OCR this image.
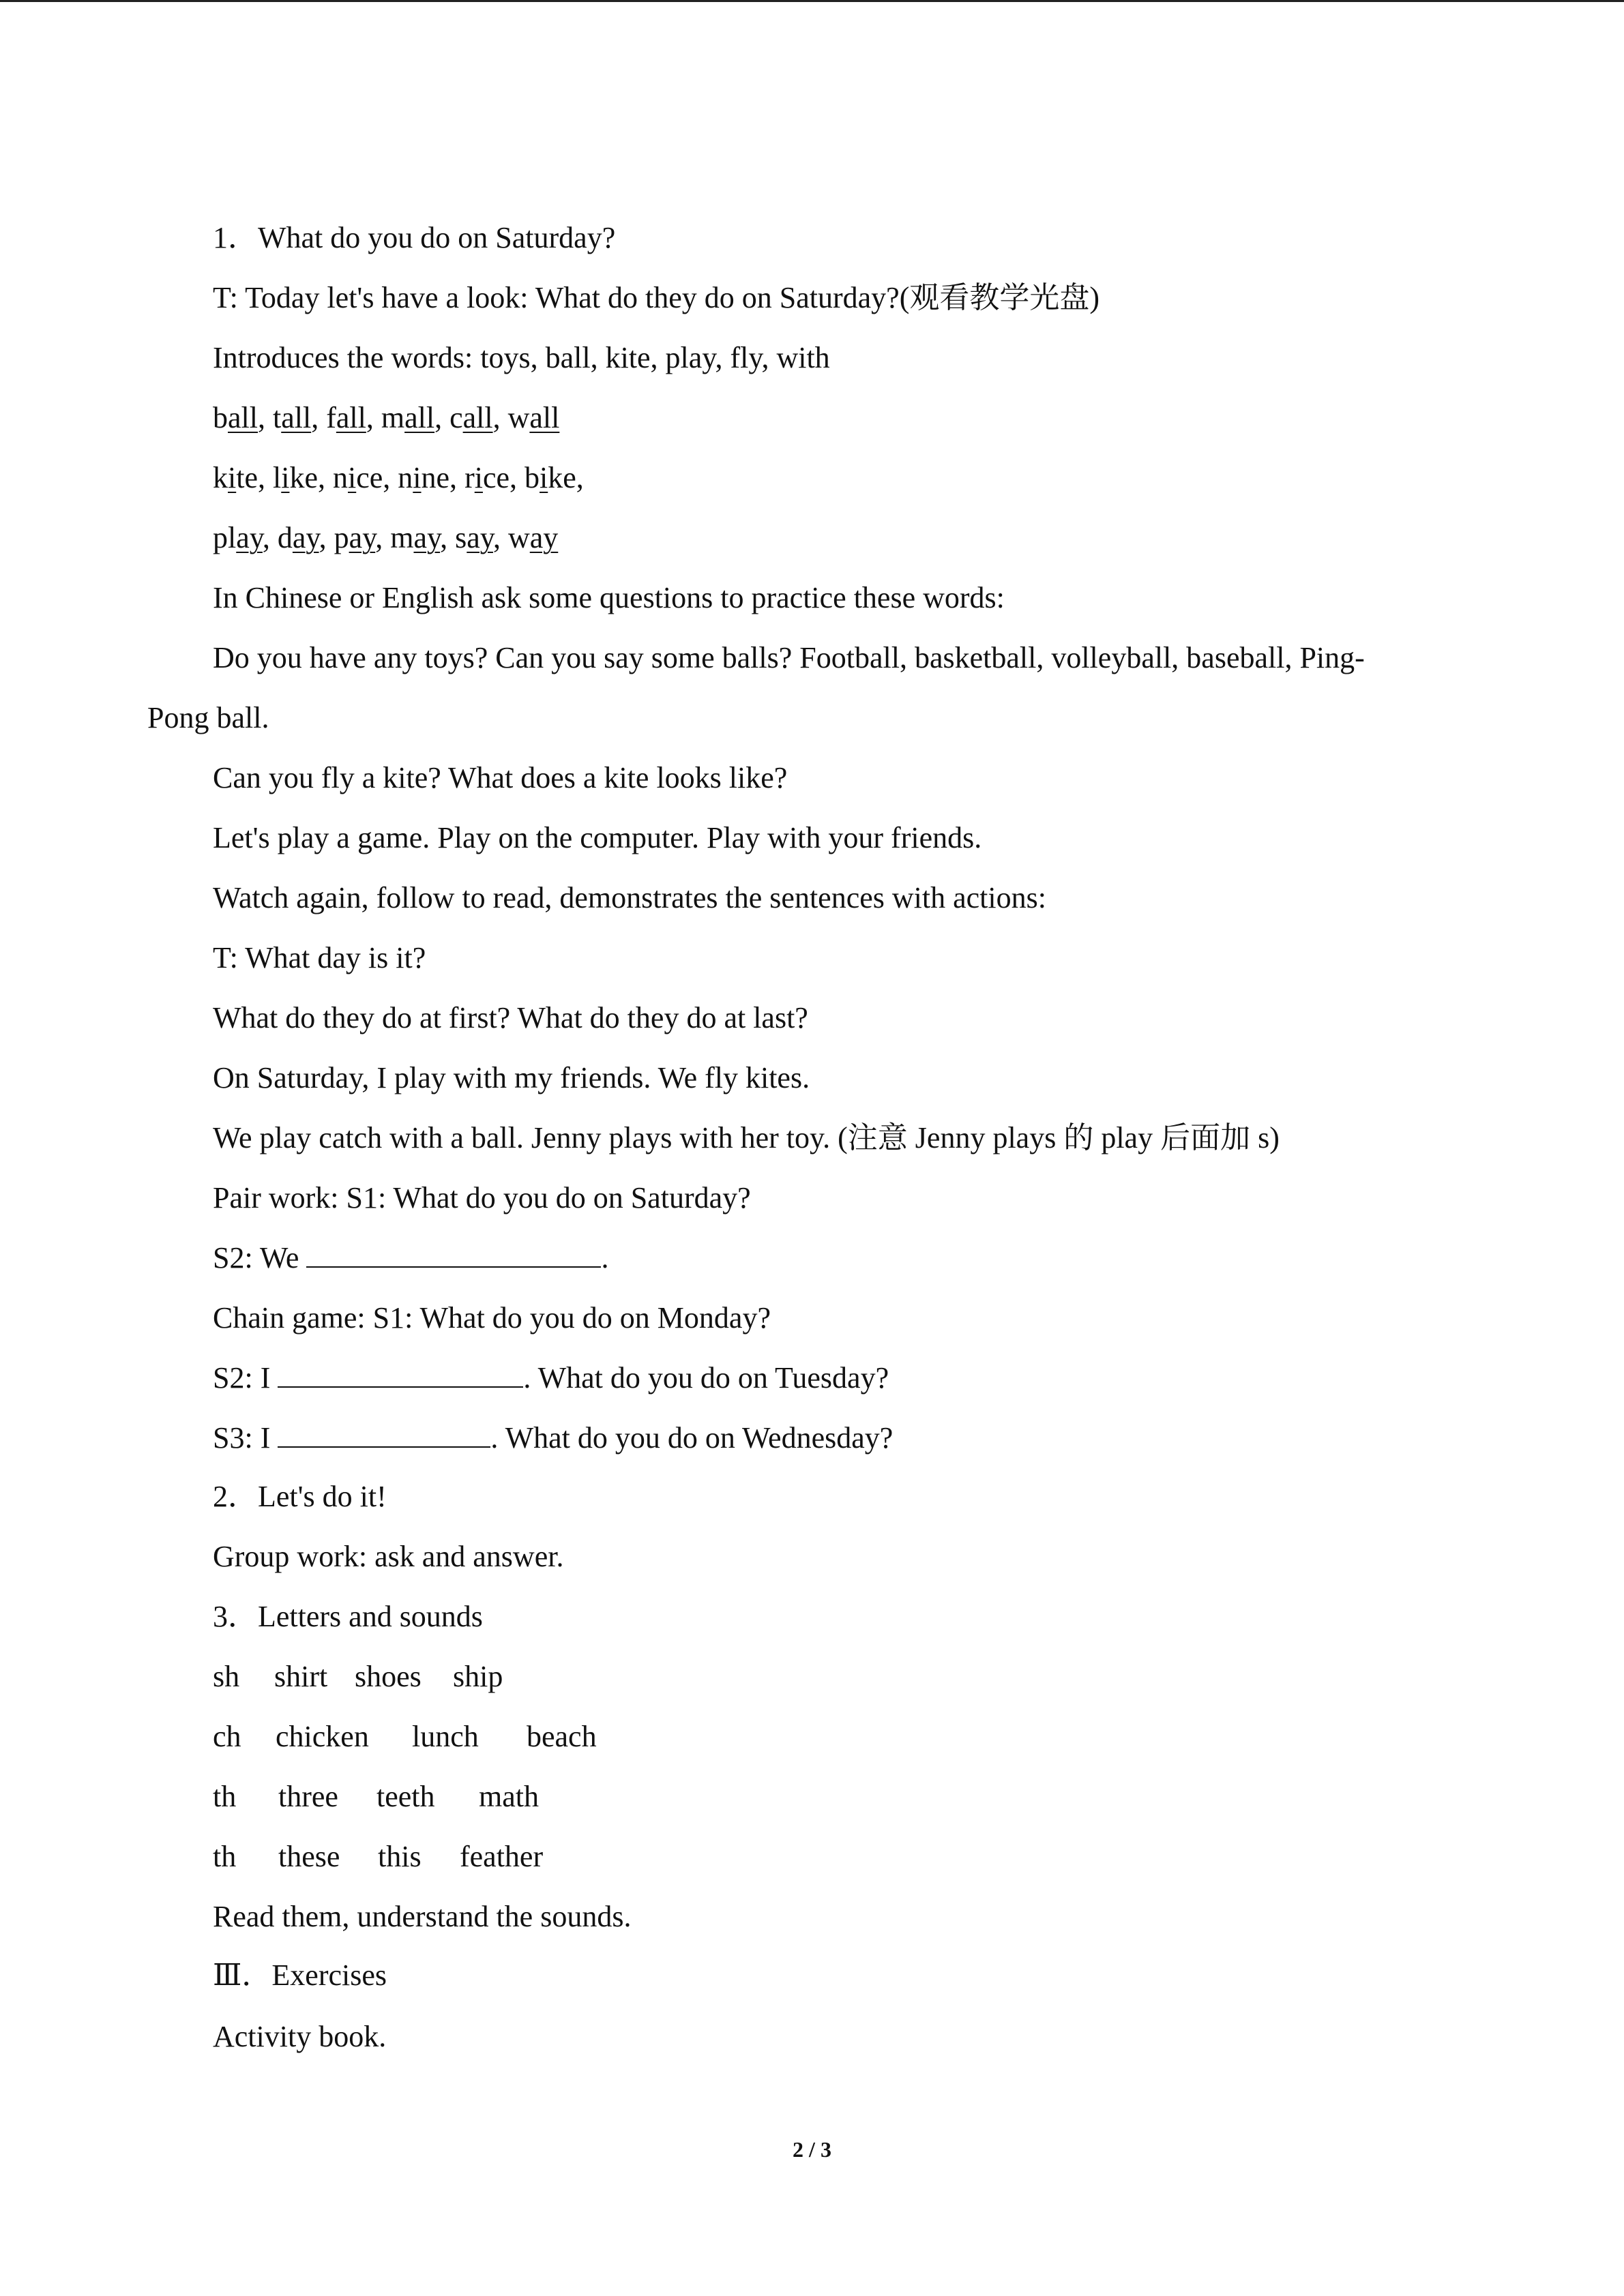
1．What do you do on Saturday?
T: Today let's have a look: What do they do on Saturday?(观看教学光盘)
Introduces the words: toys, ball, kite, play, fly, with
ball, tall, fall, mall, call, wall
kite, like, nice, nine, rice, bike,
play, day, pay, may, say, way
In Chinese or English ask some questions to practice these words:
Do you have any toys? Can you say some balls? Football, basketball, volleyball, baseball, Ping-
Pong ball.
Can you fly a kite? What does a kite looks like?
Let's play a game. Play on the computer. Play with your friends.
Watch again, follow to read, demonstrates the sentences with actions:
T: What day is it?
What do they do at first? What do they do at last?
On Saturday, I play with my friends. We fly kites.
We play catch with a ball. Jenny plays with her toy. (注意 Jenny plays 的 play 后面加 s)
Pair work: S1: What do you do on Saturday?
S2: We	.
Chain game: S1: What do you do on Monday?
S2: I	. What do you do on Tuesday?
S3: I	. What do you do on Wednesday?
2．Let's do it!
Group work: ask and answer.
3．Letters and sounds
sh shirt shoes ship
ch chicken lunch beach
th three teeth math
th these this feather
Read them, understand the sounds.
Ⅲ．Exercises
Activity book.
2 / 3
